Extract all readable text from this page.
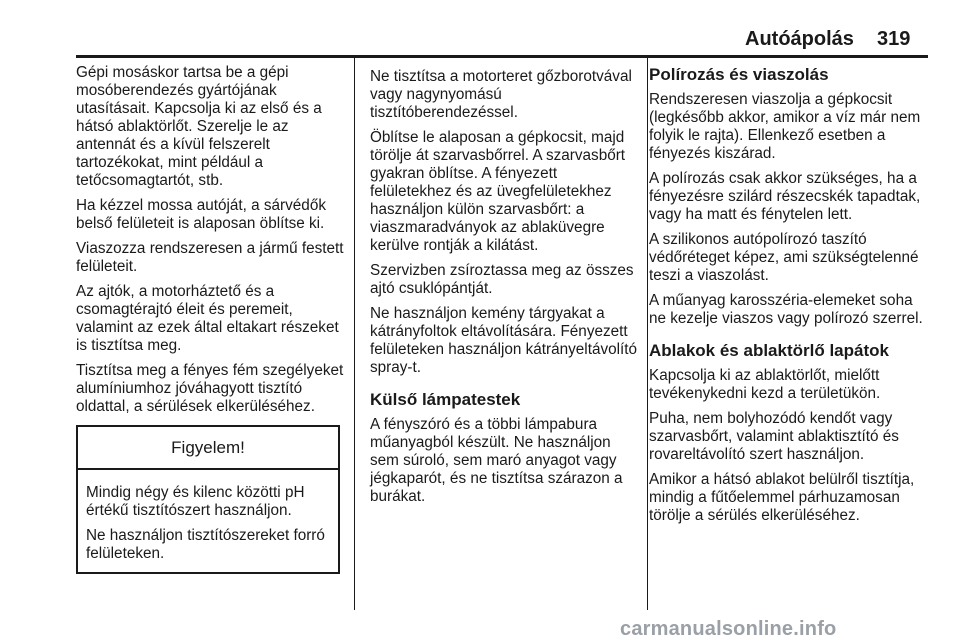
Autóápolás 319

Gépi mosáskor tartsa be a gépi mosóberendezés gyártójának utasításait. Kapcsolja ki az első és a hátsó ablaktörlőt. Szerelje le az antennát és a kívül felszerelt tartozékokat, mint például a tetőcsomagtartót, stb.

Ha kézzel mossa autóját, a sárvédők belső felületeit is alaposan öblítse ki.

Viaszozza rendszeresen a jármű festett felületeit.

Az ajtók, a motorháztető és a csomagtérajtó éleit és peremeit, valamint az ezek által eltakart részeket is tisztítsa meg.

Tisztítsa meg a fényes fém szegélyeket alumíniumhoz jóváhagyott tisztító oldattal, a sérülések elkerüléséhez.

Figyelem!

Mindig négy és kilenc közötti pH értékű tisztítószert használjon.

Ne használjon tisztítószereket forró felületeken.

Ne tisztítsa a motorteret gőzborotvával vagy nagynyomású tisztítóberendezéssel.

Öblítse le alaposan a gépkocsit, majd törölje át szarvasbőrrel. A szarvasbőrt gyakran öblítse. A fényezett felületekhez és az üvegfelületekhez használjon külön szarvasbőrt: a viaszmaradványok az ablaküvegre kerülve rontják a kilátást.

Szervizben zsíroztassa meg az összes ajtó csuklópántját.

Ne használjon kemény tárgyakat a kátrányfoltok eltávolítására. Fényezett felületeken használjon kátrányeltávolító spray-t.

Külső lámpatestek

A fényszóró és a többi lámpabura műanyagból készült. Ne használjon sem súroló, sem maró anyagot vagy jégkaparót, és ne tisztítsa szárazon a burákat.

Polírozás és viaszolás

Rendszeresen viaszolja a gépkocsit (legkésőbb akkor, amikor a víz már nem folyik le rajta). Ellenkező esetben a fényezés kiszárad.

A polírozás csak akkor szükséges, ha a fényezésre szilárd részecskék tapadtak, vagy ha matt és fénytelen lett.

A szilikonos autópolírozó taszító védőréteget képez, ami szükségtelenné teszi a viaszolást.

A műanyag karosszéria-elemeket soha ne kezelje viaszos vagy polírozó szerrel.

Ablakok és ablaktörlő lapátok

Kapcsolja ki az ablaktörlőt, mielőtt tevékenykedni kezd a területükön.

Puha, nem bolyhozódó kendőt vagy szarvasbőrt, valamint ablaktisztító és rovareltávolító szert használjon.

Amikor a hátsó ablakot belülről tisztítja, mindig a fűtőelemmel párhuzamosan törölje a sérülés elkerüléséhez.

carmanualsonline.info
